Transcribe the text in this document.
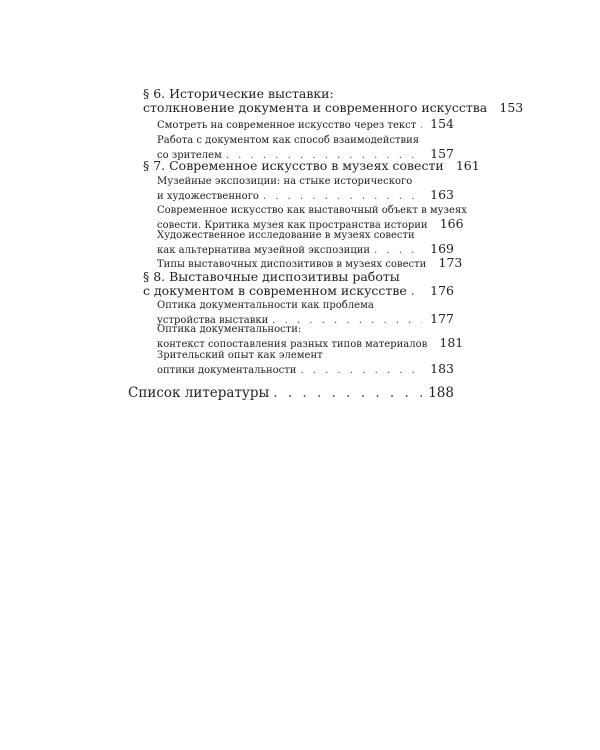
§ 6. Исторические выставки:
столкновение документа и современного искусства 153
Смотреть на современное искусство через текст . . .	154
Работа с документом как способ взаимодействия
со зрителем . . .	157
§ 7. Современное искусство в музеях совести 161
Музейные экспозиции: на стыке исторического
и художественного . . .	163
Современное искусство как выставочный объект в музеях
совести. Критика музея как пространства истории 166
Художественное исследование в музеях совести
как альтернатива музейной экспозиции . . .	169
Типы выставочных диспозитивов в музеях совести 173
§ 8. Выставочные диспозитивы работы
с документом в современном искусстве . . .	176
Оптика документальности как проблема
устройства выставки . . .	177
Оптика документальности:
контекст сопоставления разных типов материалов 181
Зрительский опыт как элемент
оптики документальности . . .	183
Список литературы . . .	188
